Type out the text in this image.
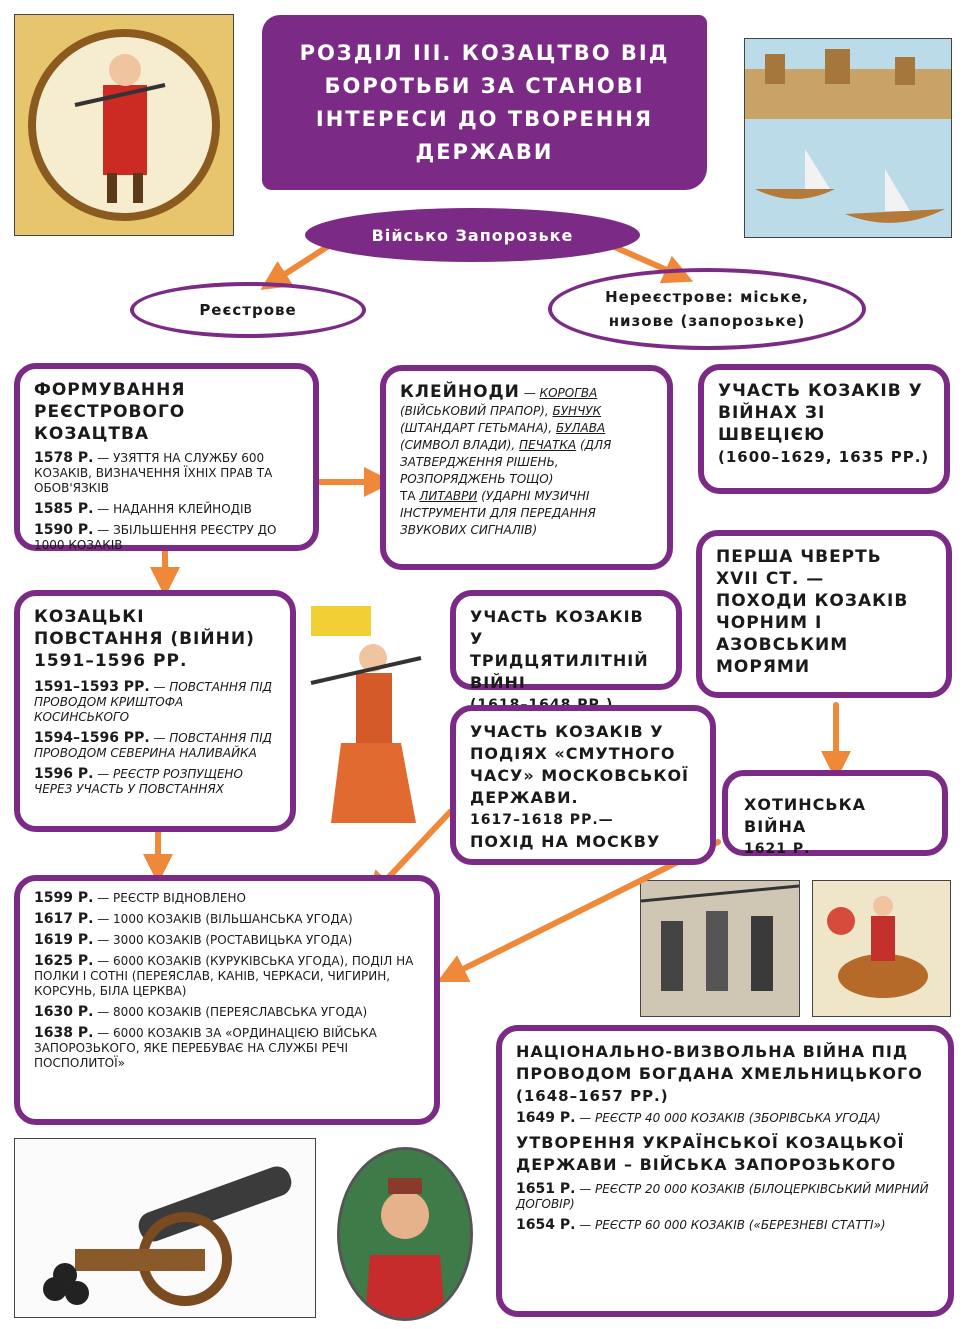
РОЗДІЛ ІІІ. КОЗАЦТВО ВІД БОРОТЬБИ ЗА СТАНОВІ ІНТЕРЕСИ ДО ТВОРЕННЯ ДЕРЖАВИ
Військо Запорозьке
Реєстрове
Нереєстрове: міське, низове (запорозьке)
ФОРМУВАННЯ РЕЄСТРОВОГО КОЗАЦТВА

1578 Р. — УЗЯТТЯ НА СЛУЖБУ 600 КОЗАКІВ, ВИЗНАЧЕННЯ ЇХНІХ ПРАВ ТА ОБОВ'ЯЗКІВ

1585 Р. — НАДАННЯ КЛЕЙНОДІВ

1590 Р. — ЗБІЛЬШЕННЯ РЕЄСТРУ ДО 1000 КОЗАКІВ

КЛЕЙНОДИ — КОРОГВА (ВІЙСЬКОВИЙ ПРАПОР), БУНЧУК (ШТАНДАРТ ГЕТЬМАНА), БУЛАВА (СИМВОЛ ВЛАДИ), ПЕЧАТКА (ДЛЯ ЗАТВЕРДЖЕННЯ РІШЕНЬ, РОЗПОРЯДЖЕНЬ ТОЩО)
ТА ЛИТАВРИ (УДАРНІ МУЗИЧНІ ІНСТРУМЕНТИ ДЛЯ ПЕРЕДАННЯ ЗВУКОВИХ СИГНАЛІВ)
УЧАСТЬ КОЗАКІВ У ВІЙНАХ ЗІ ШВЕЦІЄЮ
(1600–1629, 1635 РР.)
КОЗАЦЬКІ ПОВСТАННЯ (ВІЙНИ)
1591–1596 РР.

1591–1593 РР. — ПОВСТАННЯ ПІД ПРОВОДОМ КРИШТОФА КОСИНСЬКОГО

1594–1596 РР. — ПОВСТАННЯ ПІД ПРОВОДОМ СЕВЕРИНА НАЛИВАЙКА

1596 Р. — РЕЄСТР РОЗПУЩЕНО ЧЕРЕЗ УЧАСТЬ У ПОВСТАННЯХ

УЧАСТЬ КОЗАКІВ У ТРИДЦЯТИЛІТНІЙ ВІЙНІ
ПЕРША ЧВЕРТЬ
XVII СТ. —
ПОХОДИ КОЗАКІВ ЧОРНИМ І АЗОВСЬКИМ МОРЯМИ
УЧАСТЬ КОЗАКІВ У ПОДІЯХ «СМУТНОГО ЧАСУ» МОСКОВСЬКОЇ ДЕРЖАВИ.
1617–1618 РР.—
ПОХІД НА МОСКВУ
ХОТИНСЬКА ВІЙНА
1621 Р.

1599 Р. — РЕЄСТР ВІДНОВЛЕНО

1617 Р. — 1000 КОЗАКІВ (ВІЛЬШАНСЬКА УГОДА)

1619 Р. — 3000 КОЗАКІВ (РОСТАВИЦЬКА УГОДА)

1625 Р. — 6000 КОЗАКІВ (КУРУКІВСЬКА УГОДА), ПОДІЛ НА ПОЛКИ І СОТНІ (ПЕРЕЯСЛАВ, КАНІВ, ЧЕРКАСИ, ЧИГИРИН, КОРСУНЬ, БІЛА ЦЕРКВА)

1630 Р. — 8000 КОЗАКІВ (ПЕРЕЯСЛАВСЬКА УГОДА)

1638 Р. — 6000 КОЗАКІВ ЗА «ОРДИНАЦІЄЮ ВІЙСЬКА ЗАПОРОЗЬКОГО, ЯКЕ ПЕРЕБУВАЄ НА СЛУЖБІ РЕЧІ ПОСПОЛИТОЇ»

НАЦІОНАЛЬНО-ВИЗВОЛЬНА ВІЙНА ПІД ПРОВОДОМ БОГДАНА ХМЕЛЬНИЦЬКОГО
(1648–1657 РР.)

1649 Р. — РЕЄСТР 40 000 КОЗАКІВ (ЗБОРІВСЬКА УГОДА)

УТВОРЕННЯ УКРАЇНСЬКОЇ КОЗАЦЬКОЇ ДЕРЖАВИ – ВІЙСЬКА ЗАПОРОЗЬКОГО

1651 Р. — РЕЄСТР 20 000 КОЗАКІВ (БІЛОЦЕРКІВСЬКИЙ МИРНИЙ ДОГОВІР)

1654 Р. — РЕЄСТР 60 000 КОЗАКІВ («БЕРЕЗНЕВІ СТАТТІ»)
